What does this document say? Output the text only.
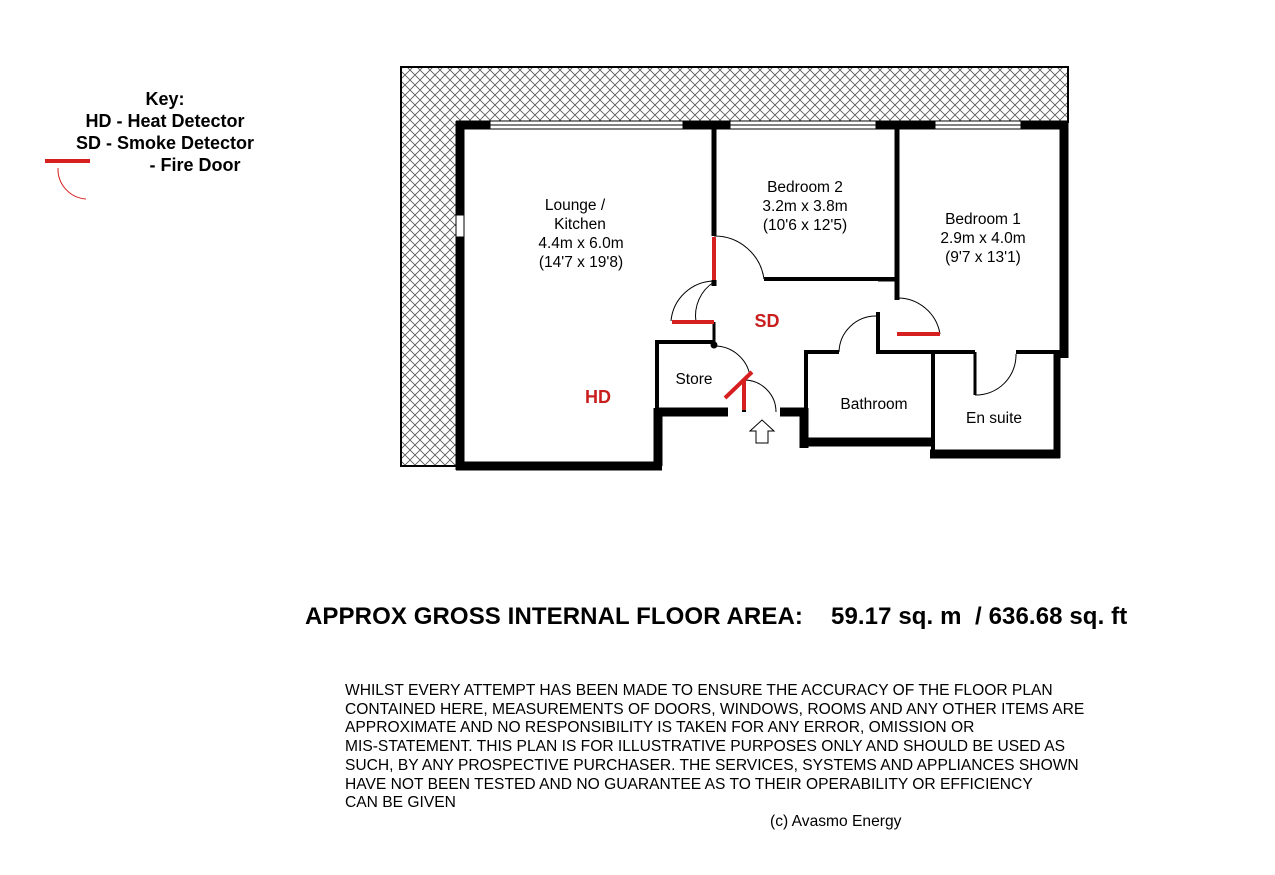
Key:
HD - Heat Detector
SD - Smoke Detector
- Fire Door
Lounge /
Kitchen
4.4m x 6.0m
(14'7 x 19'8)
Bedroom 2
3.2m x 3.8m
(10'6 x 12'5)	Bedroom 1
2.9m x 4.0m
(9'7 x 13'1)
Store
Bathroom
En suite
SD
HD
APPROX GROSS INTERNAL FLOOR AREA: 59.17 sq. m  / 636.68 sq. ft
WHILST EVERY ATTEMPT HAS BEEN MADE TO ENSURE THE ACCURACY OF THE FLOOR PLAN
CONTAINED HERE, MEASUREMENTS OF DOORS, WINDOWS, ROOMS AND ANY OTHER ITEMS ARE
APPROXIMATE AND NO RESPONSIBILITY IS TAKEN FOR ANY ERROR, OMISSION OR
MIS-STATEMENT. THIS PLAN IS FOR ILLUSTRATIVE PURPOSES ONLY AND SHOULD BE USED AS
SUCH, BY ANY PROSPECTIVE PURCHASER. THE SERVICES, SYSTEMS AND APPLIANCES SHOWN
HAVE NOT BEEN TESTED AND NO GUARANTEE AS TO THEIR OPERABILITY OR EFFICIENCY
CAN BE GIVEN
(c) Avasmo Energy
